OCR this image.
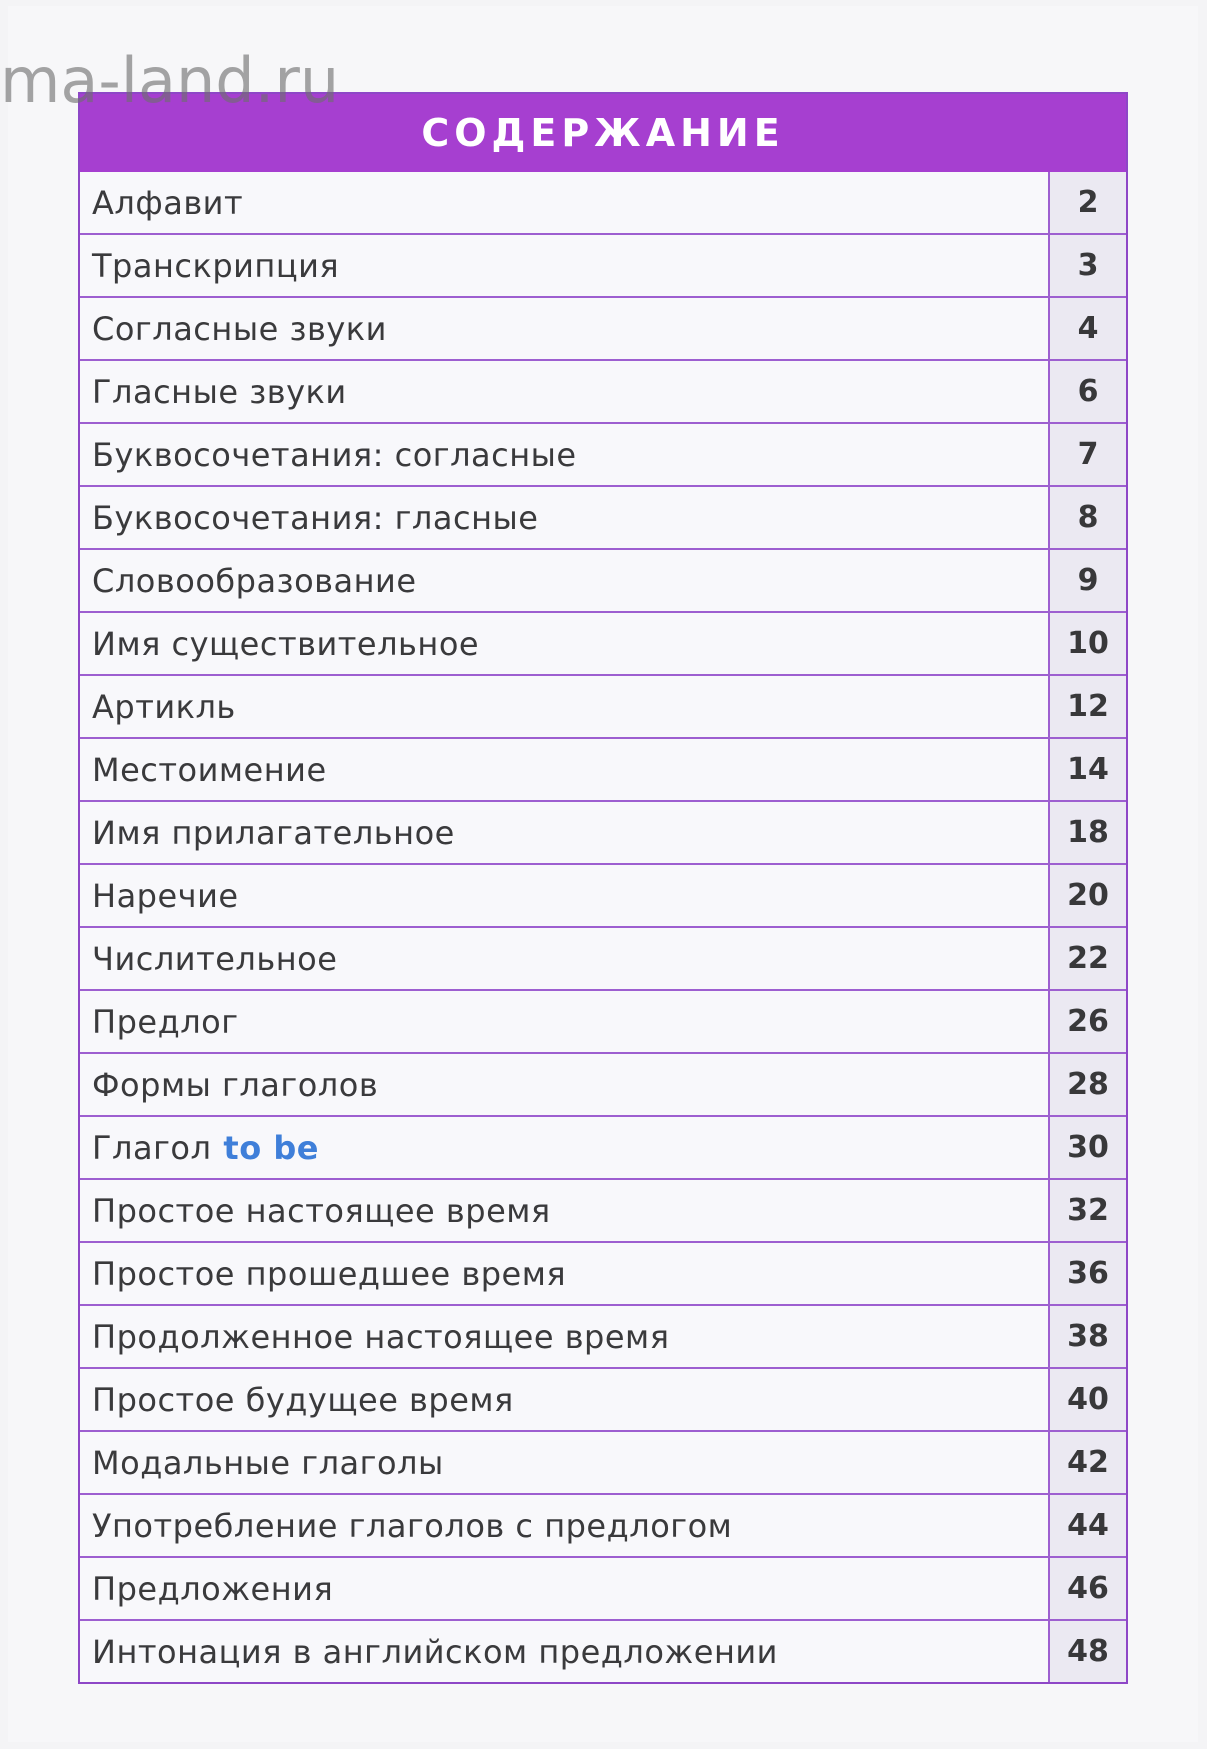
СОДЕРЖАНИЕ
Алфавит	2
Транскрипция	3
Согласные звуки	4
Гласные звуки	6
Буквосочетания: согласные	7
Буквосочетания: гласные	8
Словообразование	9
Имя существительное	10
Артикль	12
Местоимение	14
Имя прилагательное	18
Наречие	20
Числительное	22
Предлог	26
Формы глаголов	28
Глагол to be	30
Простое настоящее время	32
Простое прошедшее время	36
Продолженное настоящее время	38
Простое будущее время	40
Модальные глаголы	42
Употребление глаголов с предлогом	44
Предложения	46
Интонация в английском предложении	48
ma-land.ru
